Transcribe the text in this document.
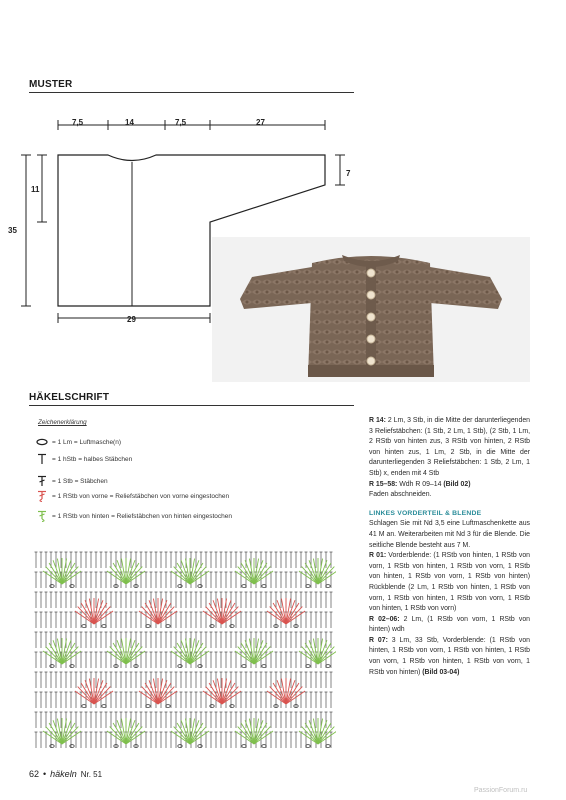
MUSTER
7,5	14	7,5	27
11
35
7
29
HÄKELSCHRIFT
Zeichenerklärung
= 1 Lm = Luftmasche(n)
= 1 hStb = halbes Stäbchen
= 1 Stb = Stäbchen
= 1 RStb von vorne = Reliefstäbchen von vorne eingestochen
= 1 RStb von hinten = Reliefstäbchen von hinten eingestochen

R 14: 2 Lm, 3 Stb, in die Mitte der darunterliegenden 3 Reliefstäbchen: (1 Stb, 2 Lm, 1 Stb), (2 Stb, 1 Lm, 2 RStb von hinten zus, 3 RStb von hinten, 2 RStb von hinten zus, 1 Lm, 2 Stb, in die Mitte der darunterliegenden 3 Reliefstäbchen: 1 Stb, 2 Lm, 1 Stb) x, enden mit 4 Stb

R 15–58: Wdh R 09–14 (Bild 02)

Faden abschneiden.

LINKES VORDERTEIL & BLENDE

Schlagen Sie mit Nd 3,5 eine Luftmaschenkette aus 41 M an. Weiterarbeiten mit Nd 3 für die Blende. Die seitliche Blende besteht aus 7 M.

R 01: Vorderblende: (1 RStb von hinten, 1 RStb von vorn, 1 RStb von hinten, 1 RStb von vorn, 1 RStb von hinten, 1 RStb von vorn, 1 RStb von hinten) Rückblende (2 Lm, 1 RStb von hinten, 1 RStb von vorn, 1 RStb von hinten, 1 RStb von vorn, 1 RStb von hinten, 1 RStb von vorn)

R 02–06: 2 Lm, (1 RStb von vorn, 1 RStb von hinten) wdh

R 07: 3 Lm, 33 Stb, Vorderblende: (1 RStb von hinten, 1 RStb von vorn, 1 RStb von hinten, 1 RStb von vorn, 1 RStb von hinten, 1 RStb von vorn, 1 RStb von hinten) (Bild 03-04)

62 • häkeln Nr. 51
PassionForum.ru
